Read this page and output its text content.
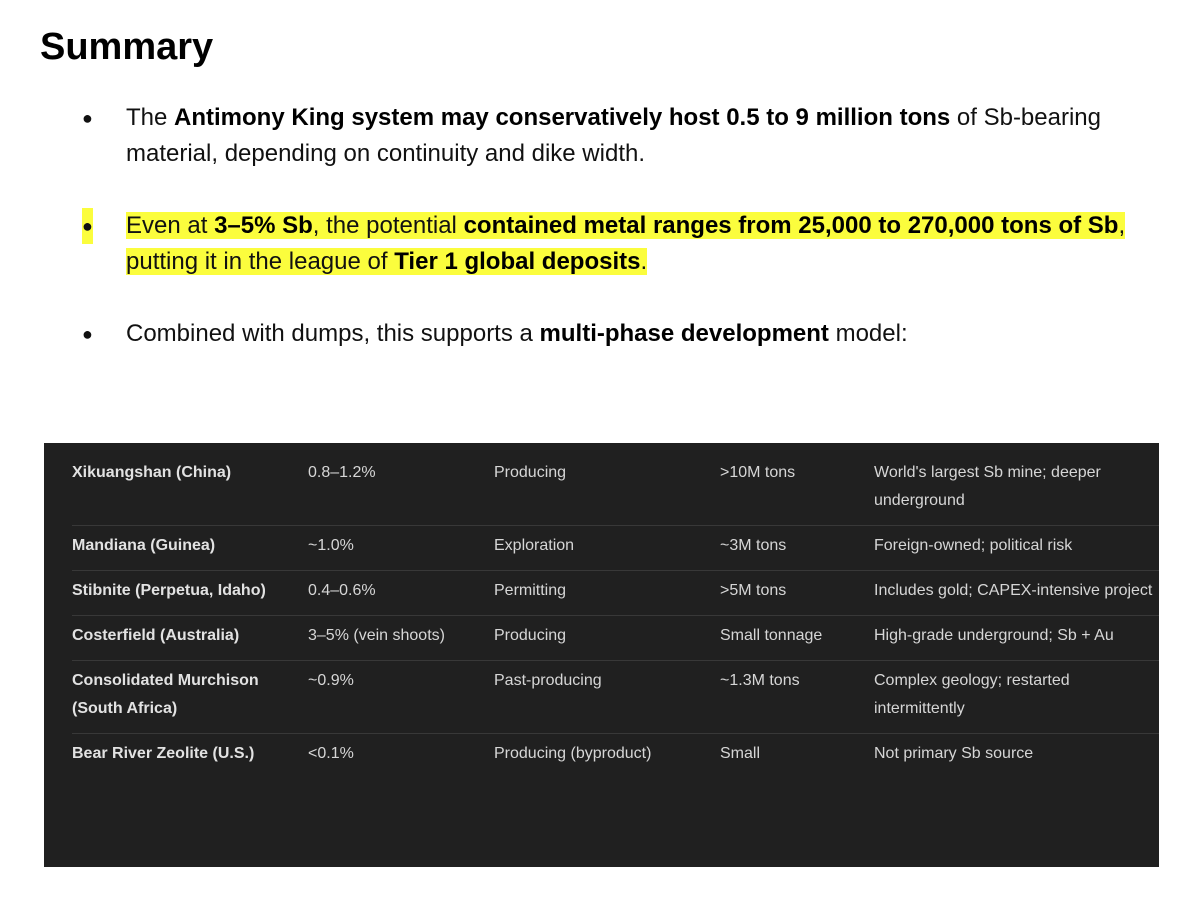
Summary
● The Antimony King system may conservatively host 0.5 to 9 million tons of Sb-bearing material, depending on continuity and dike width.
● Even at 3–5% Sb, the potential contained metal ranges from 25,000 to 270,000 tons of Sb, putting it in the league of Tier 1 global deposits.
● Combined with dumps, this supports a multi-phase development model:
Xikuangshan (China)	0.8–1.2%	Producing	>10M tons	World's largest Sb mine; deeper underground
Mandiana (Guinea)	~1.0%	Exploration	~3M tons	Foreign-owned; political risk
Stibnite (Perpetua, Idaho)	0.4–0.6%	Permitting	>5M tons	Includes gold; CAPEX-intensive project
Costerfield (Australia)	3–5% (vein shoots)	Producing	Small tonnage	High-grade underground; Sb + Au
Consolidated Murchison (South Africa)	~0.9%	Past-producing	~1.3M tons	Complex geology; restarted intermittently
Bear River Zeolite (U.S.)	<0.1%	Producing (byproduct)	Small	Not primary Sb source
